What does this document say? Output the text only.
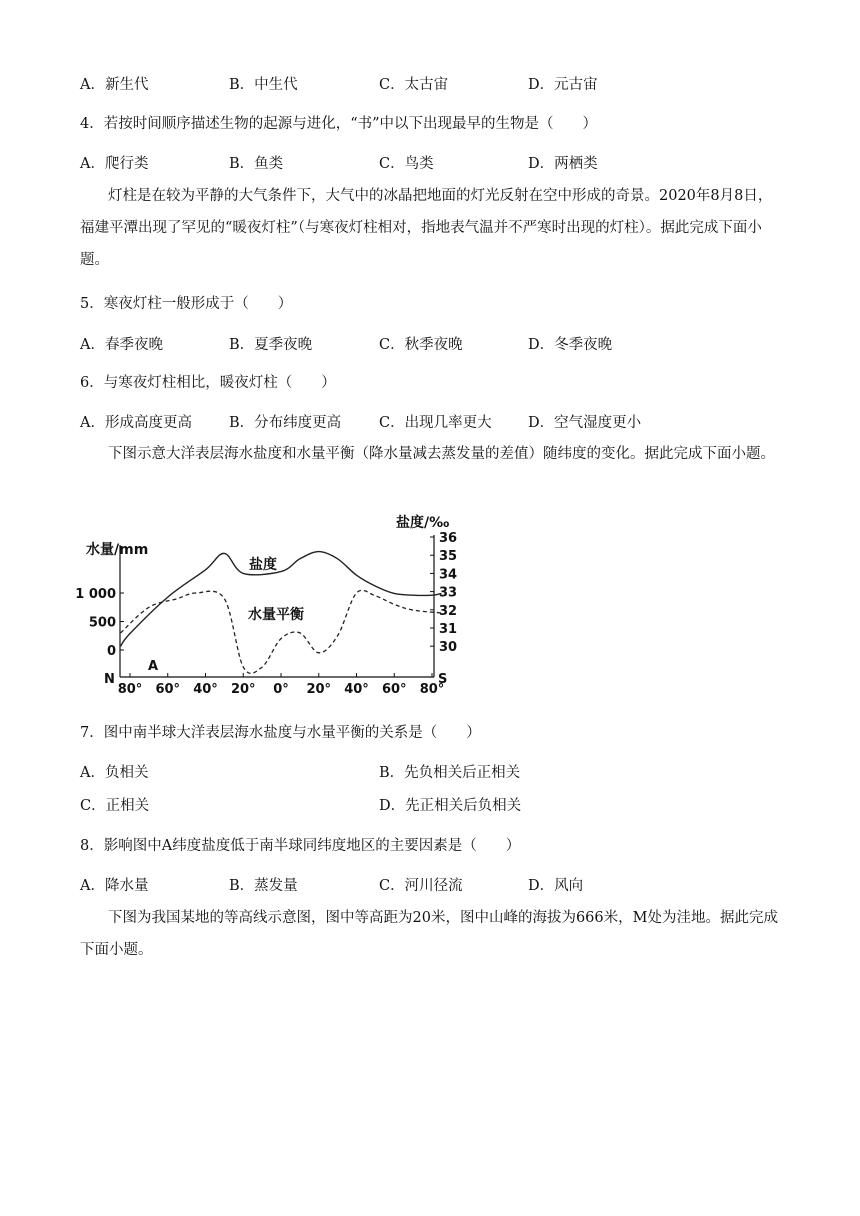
A．新生代	B．中生代	C．太古宙	D．元古宙
4．若按时间顺序描述生物的起源与进化，“书”中以下出现最早的生物是（　　）
A．爬行类	B．鱼类	C．鸟类	D．两栖类
灯柱是在较为平静的大气条件下，大气中的冰晶把地面的灯光反射在空中形成的奇景。2020年8月8日，福建平潭出现了罕见的“暖夜灯柱”（与寒夜灯柱相对，指地表气温并不严寒时出现的灯柱）。据此完成下面小题。
5．寒夜灯柱一般形成于（　　）
A．春季夜晚	B．夏季夜晚	C．秋季夜晚	D．冬季夜晚
6．与寒夜灯柱相比，暖夜灯柱（　　）
A．形成高度更高	B．分布纬度更高	C．出现几率更大	D．空气湿度更小
下图示意大洋表层海水盐度和水量平衡（降水量减去蒸发量的差值）随纬度的变化。据此完成下面小题。
水量/mm
盐度/‰
1 000
500
0
36
35
34
33
32
31
30
80° 60° 40° 20° 0° 20° 40° 60° 80°
N	S
A
盐度
水量平衡
7．图中南半球大洋表层海水盐度与水量平衡的关系是（　　）
A．负相关	B．先负相关后正相关
C．正相关	D．先正相关后负相关
8．影响图中A纬度盐度低于南半球同纬度地区的主要因素是（　　）
A．降水量	B．蒸发量	C．河川径流	D．风向
下图为我国某地的等高线示意图，图中等高距为20米，图中山峰的海拔为666米，M处为洼地。据此完成下面小题。
